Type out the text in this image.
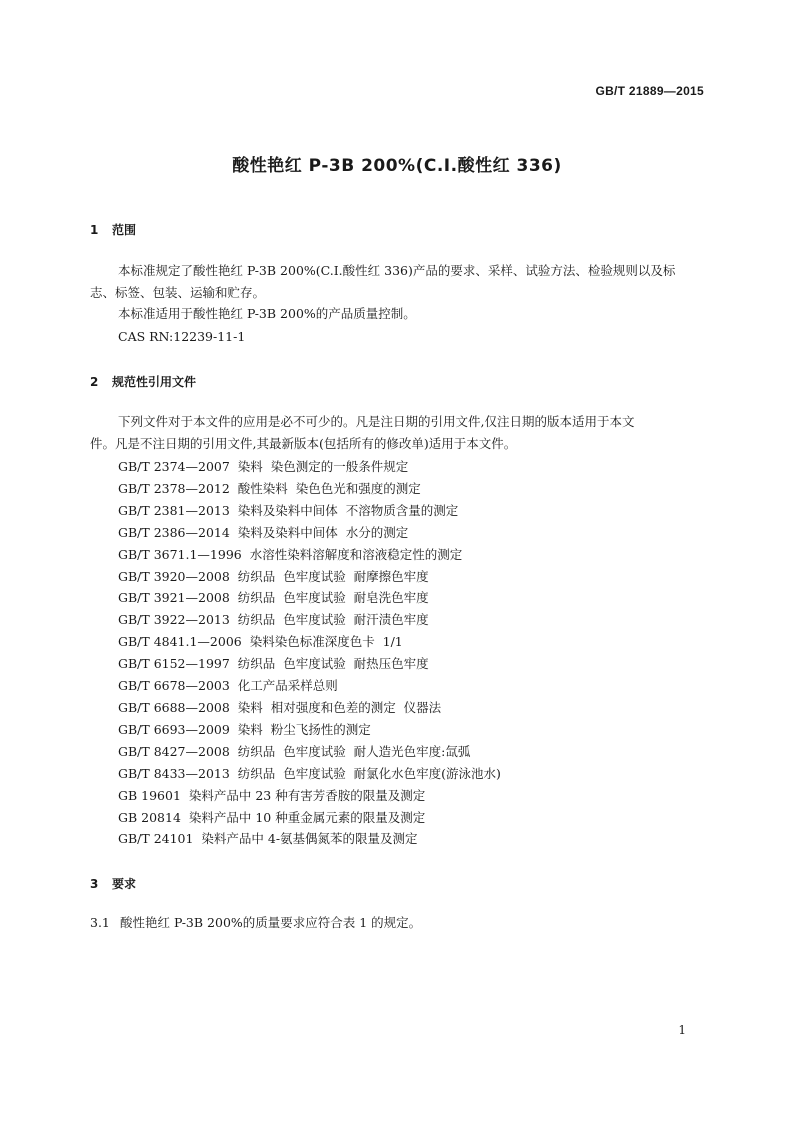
GB/T 21889—2015
酸性艳红 P-3B 200%(C.I.酸性红 336)
1 范围
本标准规定了酸性艳红 P-3B 200%(C.I.酸性红 336)产品的要求、采样、试验方法、检验规则以及标
志、标签、包装、运输和贮存。
本标准适用于酸性艳红 P-3B 200%的产品质量控制。
CAS RN:12239-11-1
2 规范性引用文件
下列文件对于本文件的应用是必不可少的。凡是注日期的引用文件,仅注日期的版本适用于本文
件。凡是不注日期的引用文件,其最新版本(包括所有的修改单)适用于本文件。
GB/T 2374—2007  染料  染色测定的一般条件规定
GB/T 2378—2012  酸性染料  染色色光和强度的测定
GB/T 2381—2013  染料及染料中间体  不溶物质含量的测定
GB/T 2386—2014  染料及染料中间体  水分的测定
GB/T 3671.1—1996  水溶性染料溶解度和溶液稳定性的测定
GB/T 3920—2008  纺织品  色牢度试验  耐摩擦色牢度
GB/T 3921—2008  纺织品  色牢度试验  耐皂洗色牢度
GB/T 3922—2013  纺织品  色牢度试验  耐汗渍色牢度
GB/T 4841.1—2006  染料染色标准深度色卡  1/1
GB/T 6152—1997  纺织品  色牢度试验  耐热压色牢度
GB/T 6678—2003  化工产品采样总则
GB/T 6688—2008  染料  相对强度和色差的测定  仪器法
GB/T 6693—2009  染料  粉尘飞扬性的测定
GB/T 8427—2008  纺织品  色牢度试验  耐人造光色牢度:氙弧
GB/T 8433—2013  纺织品  色牢度试验  耐氯化水色牢度(游泳池水)
GB 19601  染料产品中 23 种有害芳香胺的限量及测定
GB 20814  染料产品中 10 种重金属元素的限量及测定
GB/T 24101  染料产品中 4-氨基偶氮苯的限量及测定
3 要求
3.1 酸性艳红 P-3B 200%的质量要求应符合表 1 的规定。
1
